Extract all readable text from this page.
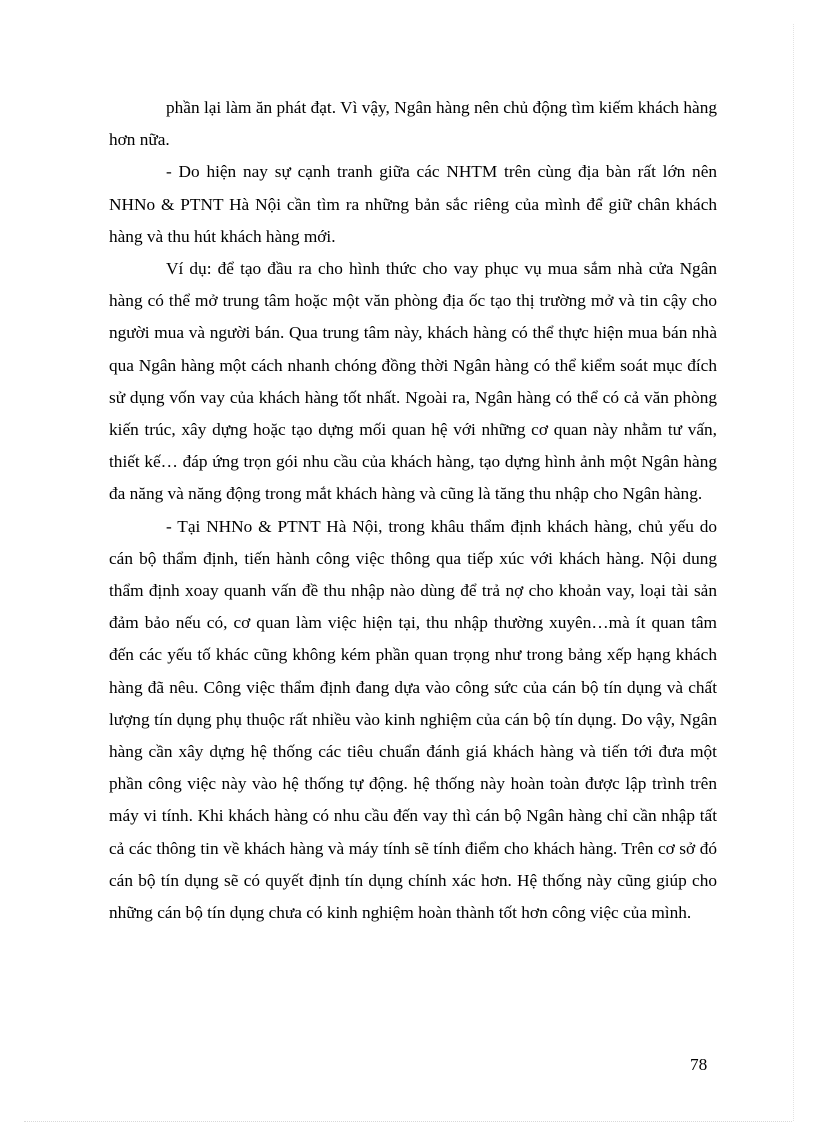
phần lại làm ăn phát đạt. Vì vậy, Ngân hàng nên chủ động tìm kiếm khách hàng hơn nữa.

- Do hiện nay sự cạnh tranh giữa các NHTM trên cùng địa bàn rất lớn nên NHNo & PTNT Hà Nội cần tìm ra những bản sắc riêng của mình để giữ chân khách hàng và thu hút khách hàng mới.

Ví dụ: để tạo đầu ra cho hình thức cho vay phục vụ mua sắm nhà cửa Ngân hàng có thể mở trung tâm hoặc một văn phòng địa ốc tạo thị trường mở và tin cậy cho người mua và người bán. Qua trung tâm này, khách hàng có thể thực hiện mua bán nhà qua Ngân hàng một cách nhanh chóng đồng thời Ngân hàng có thể kiểm soát mục đích sử dụng vốn vay của khách hàng tốt nhất. Ngoài ra, Ngân hàng có thể có cả văn phòng kiến trúc, xây dựng hoặc tạo dựng mối quan hệ với những cơ quan này nhằm tư vấn, thiết kế… đáp ứng trọn gói nhu cầu của khách hàng, tạo dựng hình ảnh một Ngân hàng đa năng và năng động trong mắt khách hàng và cũng là tăng thu nhập cho Ngân hàng.

- Tại NHNo & PTNT Hà Nội, trong khâu thẩm định khách hàng, chủ yếu do cán bộ thẩm định, tiến hành công việc thông qua tiếp xúc với khách hàng. Nội dung thẩm định xoay quanh vấn đề thu nhập nào dùng để trả nợ cho khoản vay, loại tài sản đảm bảo nếu có, cơ quan làm việc hiện tại, thu nhập thường xuyên…mà ít quan tâm đến các yếu tố khác cũng không kém phần quan trọng như trong bảng xếp hạng khách hàng đã nêu. Công việc thẩm định đang dựa vào công sức của cán bộ tín dụng và chất lượng tín dụng phụ thuộc rất nhiều vào kinh nghiệm của cán bộ tín dụng. Do vậy, Ngân hàng cần xây dựng hệ thống các tiêu chuẩn đánh giá khách hàng và tiến tới đưa một phần công việc này vào hệ thống tự động. hệ thống này hoàn toàn được lập trình trên máy vi tính. Khi khách hàng có nhu cầu đến vay thì cán bộ Ngân hàng chỉ cần nhập tất cả các thông tin về khách hàng và máy tính sẽ tính điểm cho khách hàng. Trên cơ sở đó cán bộ tín dụng sẽ có quyết định tín dụng chính xác hơn. Hệ thống này cũng giúp cho những cán bộ tín dụng chưa có kinh nghiệm hoàn thành tốt hơn công việc của mình.

78
